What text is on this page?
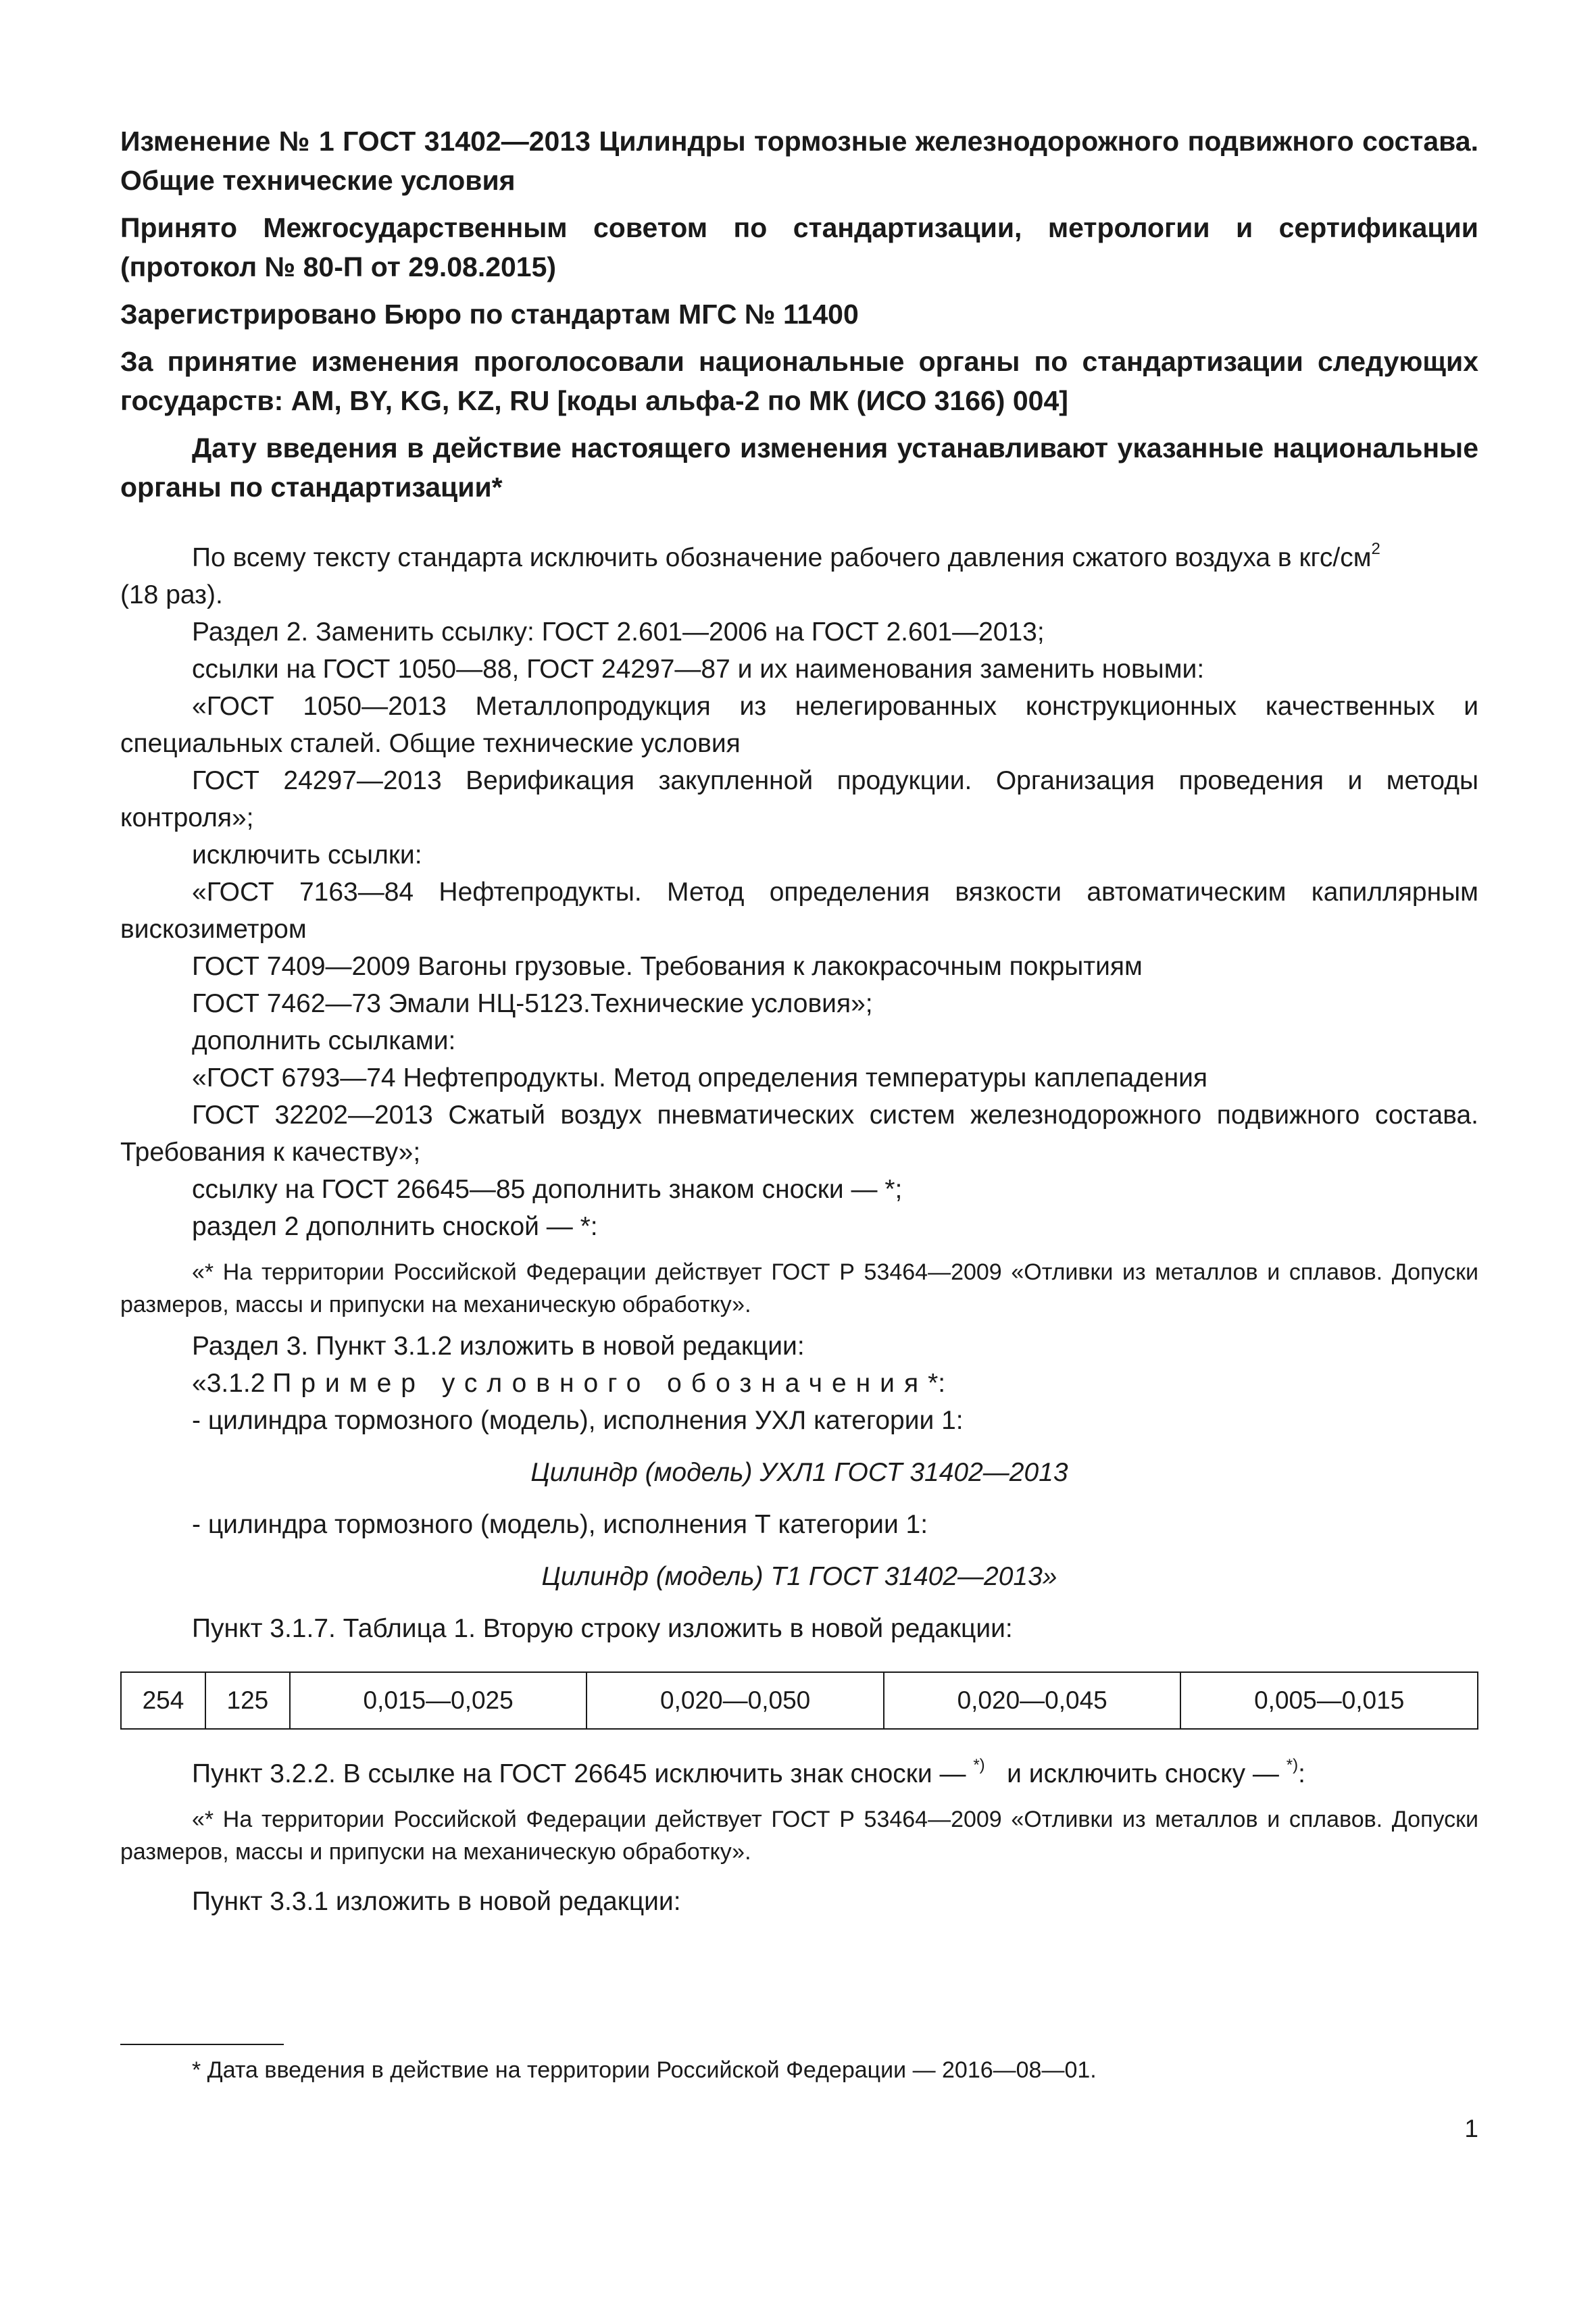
Изменение № 1 ГОСТ 31402—2013 Цилиндры тормозные железнодорожного подвижного состава. Общие технические условия

Принято Межгосударственным советом по стандартизации, метрологии и сертификации (протокол № 80-П от 29.08.2015)

Зарегистрировано Бюро по стандартам МГС № 11400

За принятие изменения проголосовали национальные органы по стандартизации следующих государств: AM, BY, KG, KZ, RU [коды альфа-2 по МК (ИСО 3166) 004]

Дату введения в действие настоящего изменения устанавливают указанные национальные органы по стандартизации*

По всему тексту стандарта исключить обозначение рабочего давления сжатого воздуха в кгс/$см^2$
(18 раз).

Раздел 2. Заменить ссылку: ГОСТ 2.601—2006 на ГОСТ 2.601—2013;

ссылки на ГОСТ 1050—88, ГОСТ 24297—87 и их наименования заменить новыми:

«ГОСТ 1050—2013 Металлопродукция из нелегированных конструкционных качественных и специальных сталей. Общие технические условия

ГОСТ 24297—2013 Верификация закупленной продукции. Организация проведения и методы контроля»;

исключить ссылки:

«ГОСТ 7163—84 Нефтепродукты. Метод определения вязкости автоматическим капиллярным вискозиметром

ГОСТ 7409—2009 Вагоны грузовые. Требования к лакокрасочным покрытиям

ГОСТ 7462—73 Эмали НЦ-5123.Технические условия»;

дополнить ссылками:

«ГОСТ 6793—74 Нефтепродукты. Метод определения температуры каплепадения

ГОСТ 32202—2013 Сжатый воздух пневматических систем железнодорожного подвижного состава. Требования к качеству»;

ссылку на ГОСТ 26645—85 дополнить знаком сноски — *;

раздел 2 дополнить сноской — *:

«* На территории Российской Федерации действует ГОСТ Р 53464—2009 «Отливки из металлов и сплавов. Допуски размеров, массы и припуски на механическую обработку».

Раздел 3. Пункт 3.1.2 изложить в новой редакции:

«3.1.2 Пример условного обозначения*:

- цилиндра тормозного (модель), исполнения УХЛ категории 1:

Цилиндр (модель) УХЛ1 ГОСТ 31402—2013

- цилиндра тормозного (модель), исполнения Т категории 1:

Цилиндр (модель) Т1 ГОСТ 31402—2013»

Пункт 3.1.7. Таблица 1. Вторую строку изложить в новой редакции:

254	125	0,015—0,025	0,020—0,050	0,020—0,045	0,005—0,015

Пункт 3.2.2. В ссылке на ГОСТ 26645 исключить знак сноски — *) и исключить сноску — *):

«* На территории Российской Федерации действует ГОСТ Р 53464—2009 «Отливки из металлов и сплавов. Допуски размеров, массы и припуски на механическую обработку».

Пункт 3.3.1 изложить в новой редакции:

* Дата введения в действие на территории Российской Федерации — 2016—08—01.

1
